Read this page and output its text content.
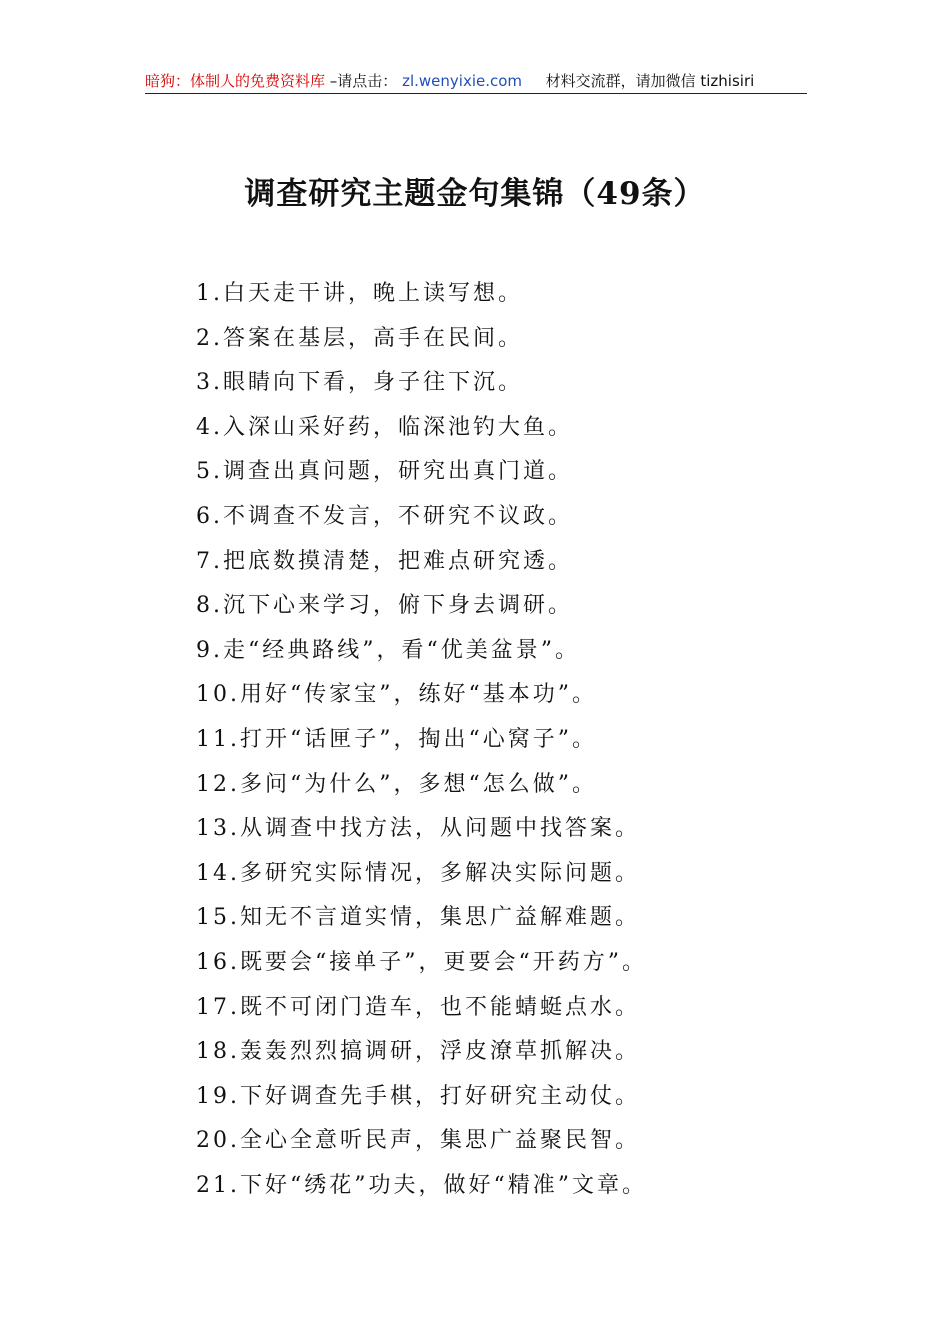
暗狗：体制人的免费资料库 –请点击： zl.wenyixie.com 材料交流群，请加微信 tizhisiri
调查研究主题金句集锦（49条）
1.白天走干讲，晚上读写想。
2.答案在基层，高手在民间。
3.眼睛向下看，身子往下沉。
4.入深山采好药，临深池钓大鱼。
5.调查出真问题，研究出真门道。
6.不调查不发言，不研究不议政。
7.把底数摸清楚，把难点研究透。
8.沉下心来学习，俯下身去调研。
9.走“经典路线”，看“优美盆景”。
10.用好“传家宝”，练好“基本功”。
11.打开“话匣子”，掏出“心窝子”。
12.多问“为什么”，多想“怎么做”。
13.从调查中找方法，从问题中找答案。
14.多研究实际情况，多解决实际问题。
15.知无不言道实情，集思广益解难题。
16.既要会“接单子”，更要会“开药方”。
17.既不可闭门造车，也不能蜻蜓点水。
18.轰轰烈烈搞调研，浮皮潦草抓解决。
19.下好调查先手棋，打好研究主动仗。
20.全心全意听民声，集思广益聚民智。
21.下好“绣花”功夫，做好“精准”文章。
